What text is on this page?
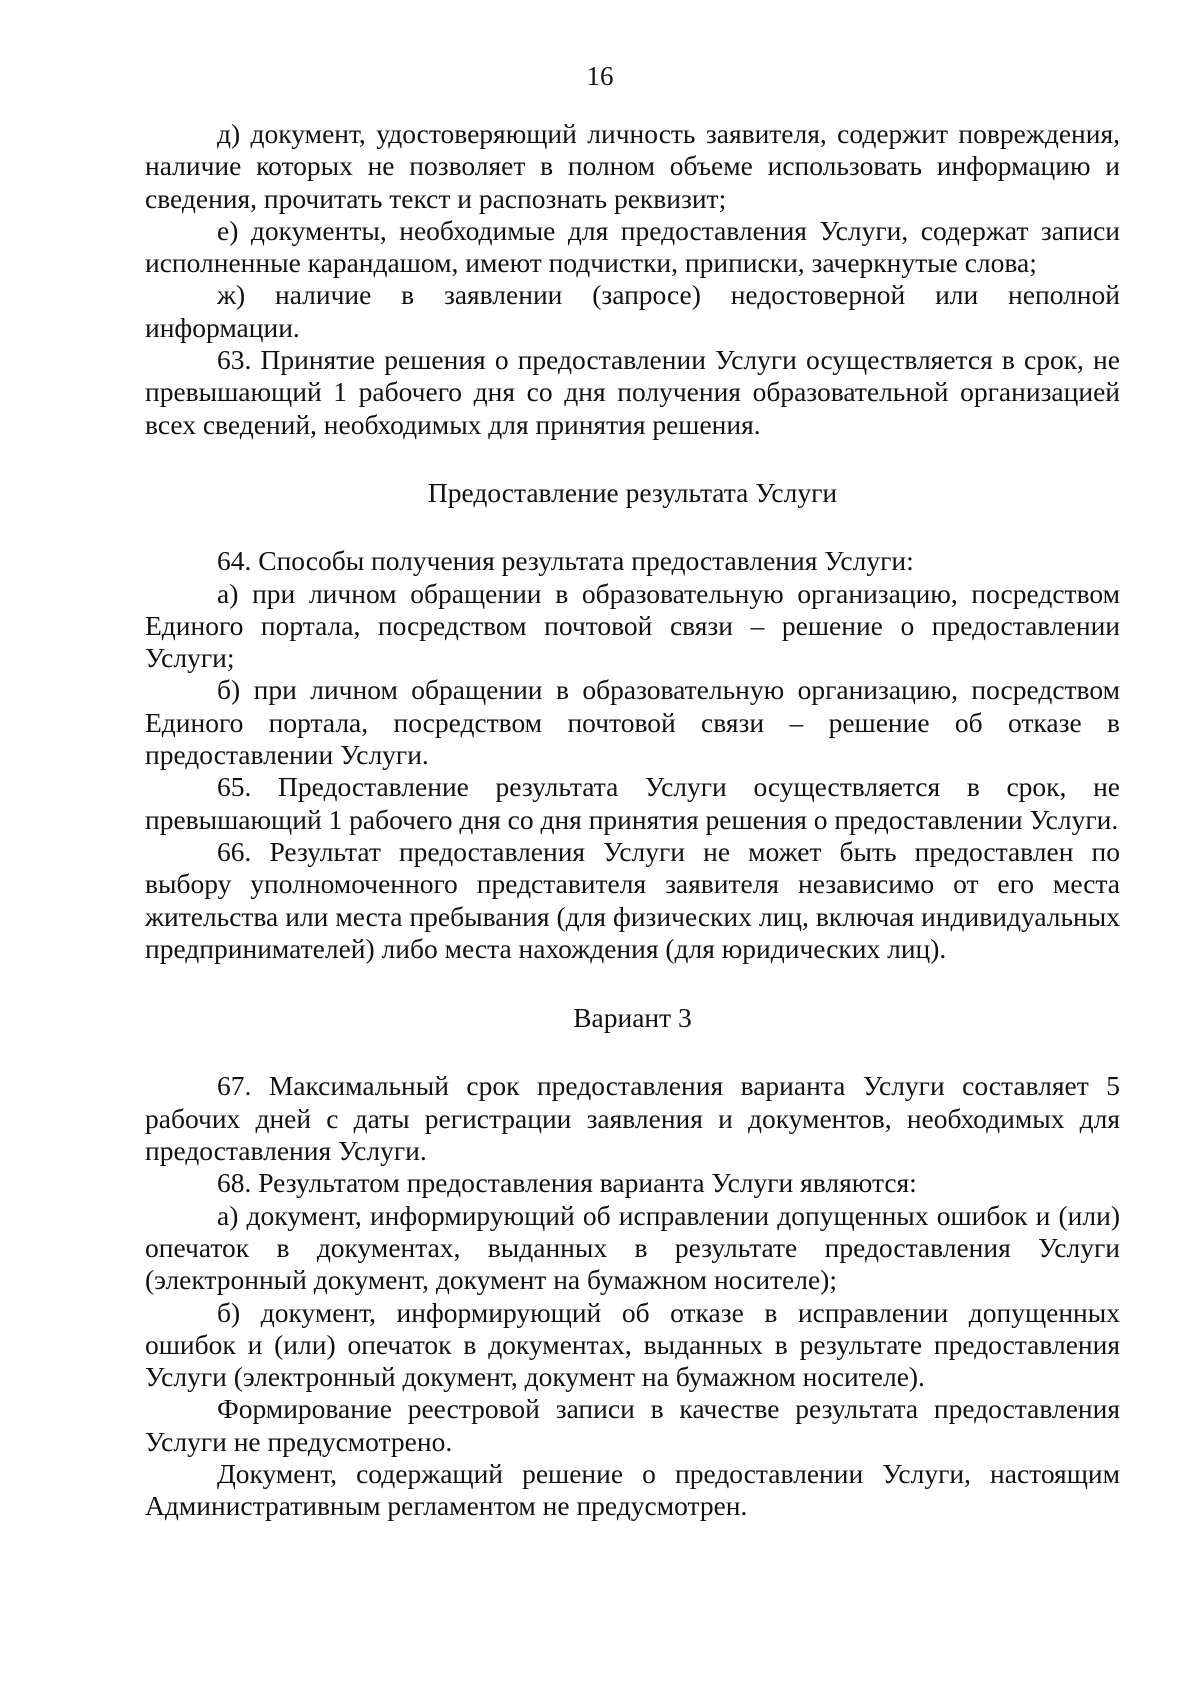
16

д) документ, удостоверяющий личность заявителя, содержит повреждения, наличие которых не позволяет в полном объеме использовать информацию и сведения, прочитать текст и распознать реквизит;

е) документы, необходимые для предоставления Услуги, содержат записи исполненные карандашом, имеют подчистки, приписки, зачеркнутые слова;

ж) наличие в заявлении (запросе) недостоверной или неполной информации.

63. Принятие решения о предоставлении Услуги осуществляется в срок, не превышающий 1 рабочего дня со дня получения образовательной организацией всех сведений, необходимых для принятия решения.

Предоставление результата Услуги

64. Способы получения результата предоставления Услуги:

а) при личном обращении в образовательную организацию, посредством Единого портала, посредством почтовой связи – решение о предоставлении Услуги;

б) при личном обращении в образовательную организацию, посредством Единого портала, посредством почтовой связи – решение об отказе в предоставлении Услуги.

65. Предоставление результата Услуги осуществляется в срок, не превышающий 1 рабочего дня со дня принятия решения о предоставлении Услуги.

66. Результат предоставления Услуги не может быть предоставлен по выбору уполномоченного представителя заявителя независимо от его места жительства или места пребывания (для физических лиц, включая индивидуальных предпринимателей) либо места нахождения (для юридических лиц).

Вариант 3

67. Максимальный срок предоставления варианта Услуги составляет 5 рабочих дней с даты регистрации заявления и документов, необходимых для предоставления Услуги.

68. Результатом предоставления варианта Услуги являются:

а) документ, информирующий об исправлении допущенных ошибок и (или) опечаток в документах, выданных в результате предоставления Услуги (электронный документ, документ на бумажном носителе);

б) документ, информирующий об отказе в исправлении допущенных ошибок и (или) опечаток в документах, выданных в результате предоставления Услуги (электронный документ, документ на бумажном носителе).

Формирование реестровой записи в качестве результата предоставления Услуги не предусмотрено.

Документ, содержащий решение о предоставлении Услуги, настоящим Административным регламентом не предусмотрен.
